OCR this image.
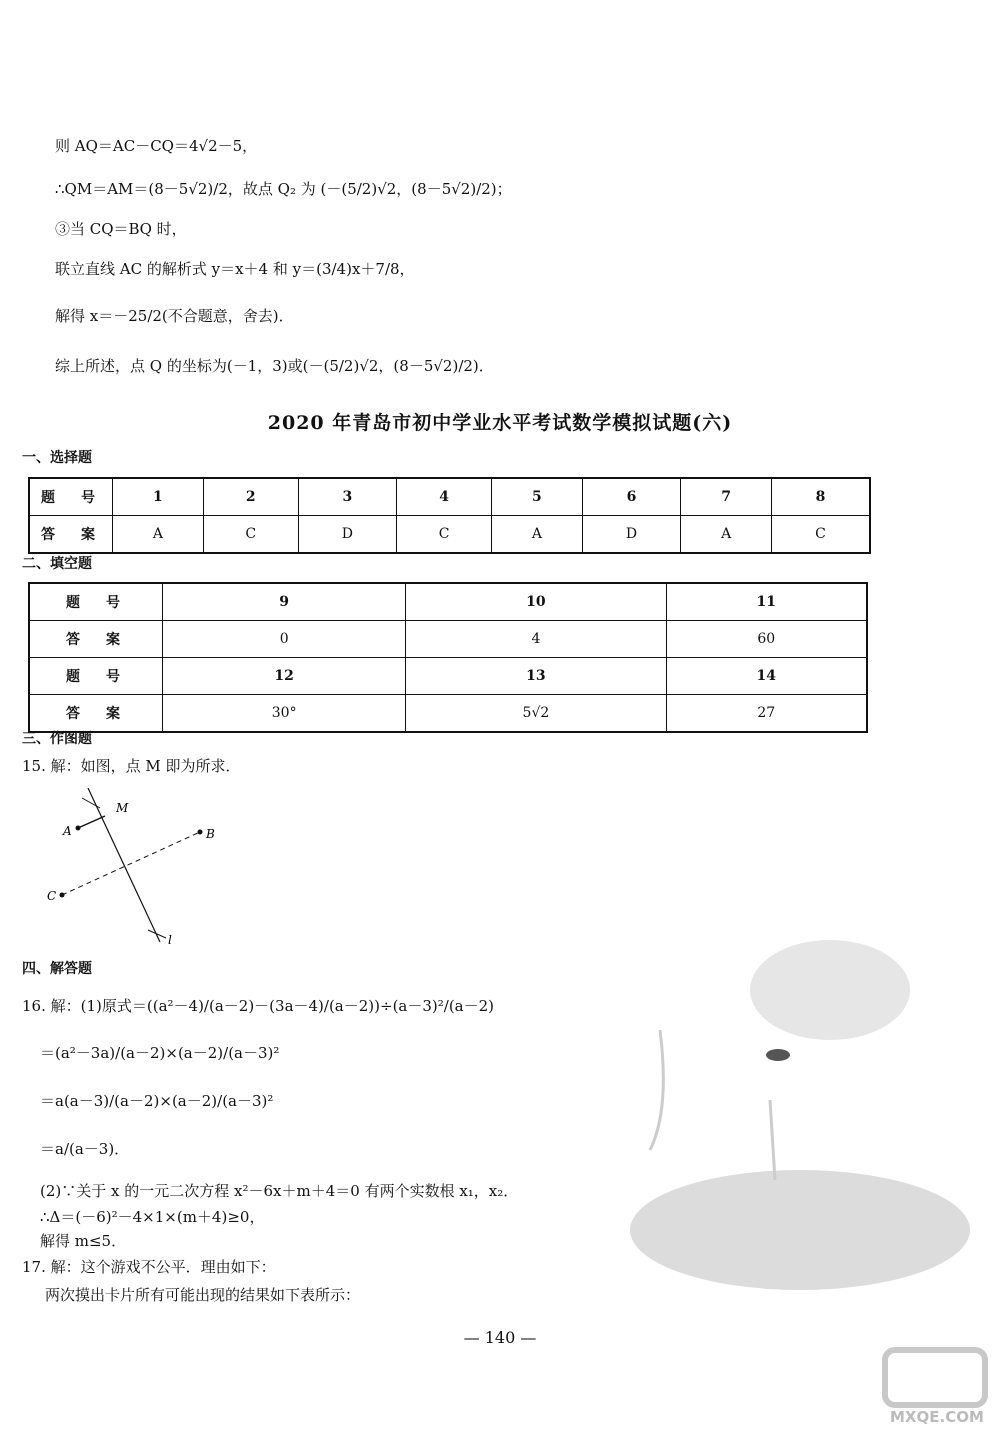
则 AQ＝AC－CQ＝4√2－5，
∴QM＝AM＝(8－5√2)/2，故点 Q₂ 为 (－(5/2)√2，(8－5√2)/2)；
③当 CQ＝BQ 时，
联立直线 AC 的解析式 y＝x＋4 和 y＝(3/4)x＋7/8，
解得 x＝－25/2(不合题意，舍去)．
综上所述，点 Q 的坐标为(－1，3)或(－(5/2)√2，(8－5√2)/2)．
2020 年青岛市初中学业水平考试数学模拟试题(六)
一、选择题
题　号	1	2	3	4	5	6	7	8
答　案	A	C	D	C	A	D	A	C
二、填空题
题　号	9	10	11
答　案	0	4	60
题　号	12	13	14
答　案	30°	5√2	27
三、作图题
15. 解：如图，点 M 即为所求．
A	B
C
M
l
四、解答题
16. 解：(1)原式＝((a²－4)/(a－2)－(3a－4)/(a－2))÷(a－3)²/(a－2)
＝(a²－3a)/(a－2)×(a－2)/(a－3)²
＝a(a－3)/(a－2)×(a－2)/(a－3)²
＝a/(a－3)．
(2)∵关于 x 的一元二次方程 x²－6x＋m＋4＝0 有两个实数根 x₁，x₂．
∴Δ＝(－6)²－4×1×(m＋4)≥0，
解得 m≤5．
17. 解：这个游戏不公平．理由如下：
两次摸出卡片所有可能出现的结果如下表所示：
— 140 —
MXQE.COM
